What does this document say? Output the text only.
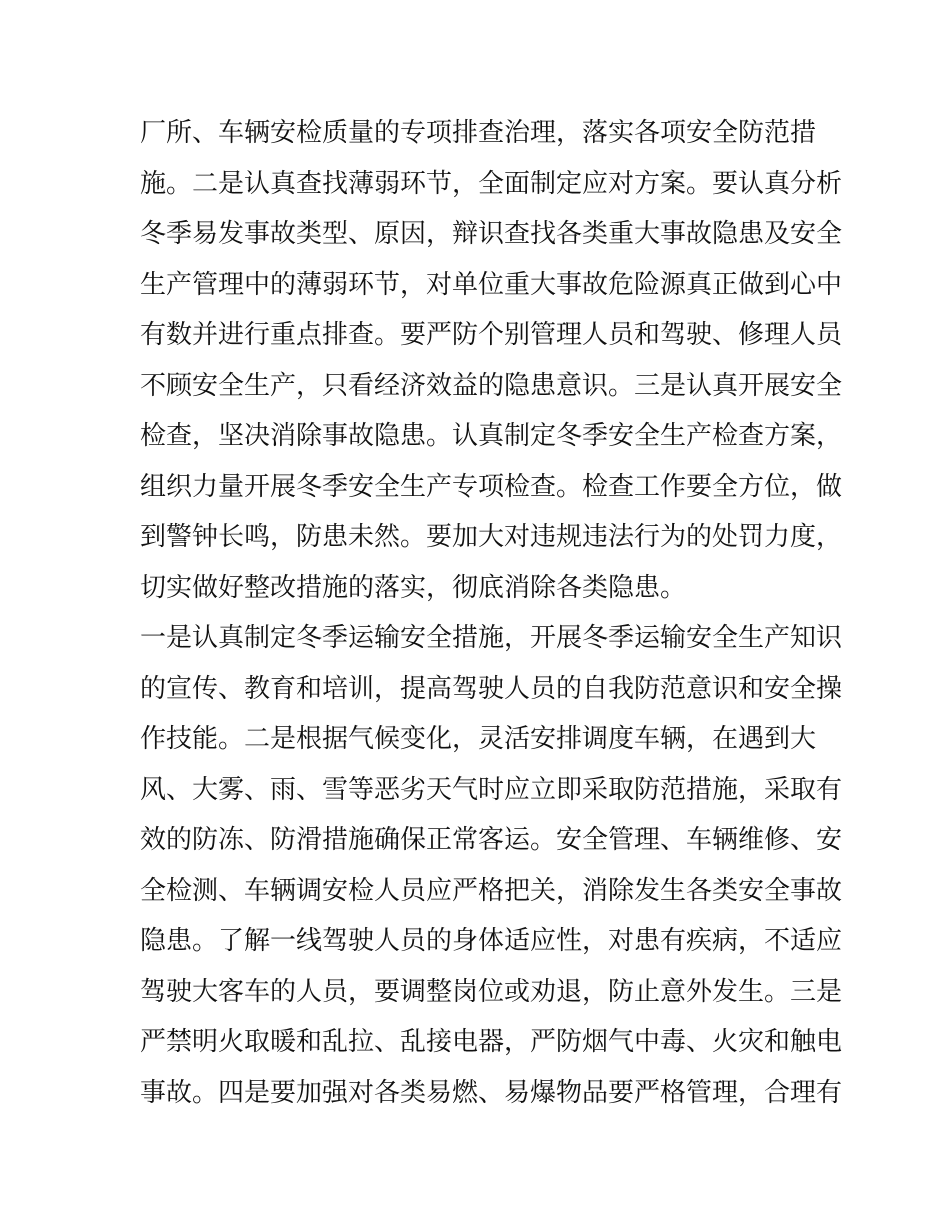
厂所、车辆安检质量的专项排查治理，落实各项安全防范措
施。二是认真查找薄弱环节，全面制定应对方案。要认真分析
冬季易发事故类型、原因，辩识查找各类重大事故隐患及安全
生产管理中的薄弱环节，对单位重大事故危险源真正做到心中
有数并进行重点排查。要严防个别管理人员和驾驶、修理人员
不顾安全生产，只看经济效益的隐患意识。三是认真开展安全
检查，坚决消除事故隐患。认真制定冬季安全生产检查方案，
组织力量开展冬季安全生产专项检查。检查工作要全方位，做
到警钟长鸣，防患未然。要加大对违规违法行为的处罚力度，
切实做好整改措施的落实，彻底消除各类隐患。
一是认真制定冬季运输安全措施，开展冬季运输安全生产知识
的宣传、教育和培训，提高驾驶人员的自我防范意识和安全操
作技能。二是根据气候变化，灵活安排调度车辆，在遇到大
风、大雾、雨、雪等恶劣天气时应立即采取防范措施，采取有
效的防冻、防滑措施确保正常客运。安全管理、车辆维修、安
全检测、车辆调安检人员应严格把关，消除发生各类安全事故
隐患。了解一线驾驶人员的身体适应性，对患有疾病，不适应
驾驶大客车的人员，要调整岗位或劝退，防止意外发生。三是
严禁明火取暖和乱拉、乱接电器，严防烟气中毒、火灾和触电
事故。四是要加强对各类易燃、易爆物品要严格管理，合理有
